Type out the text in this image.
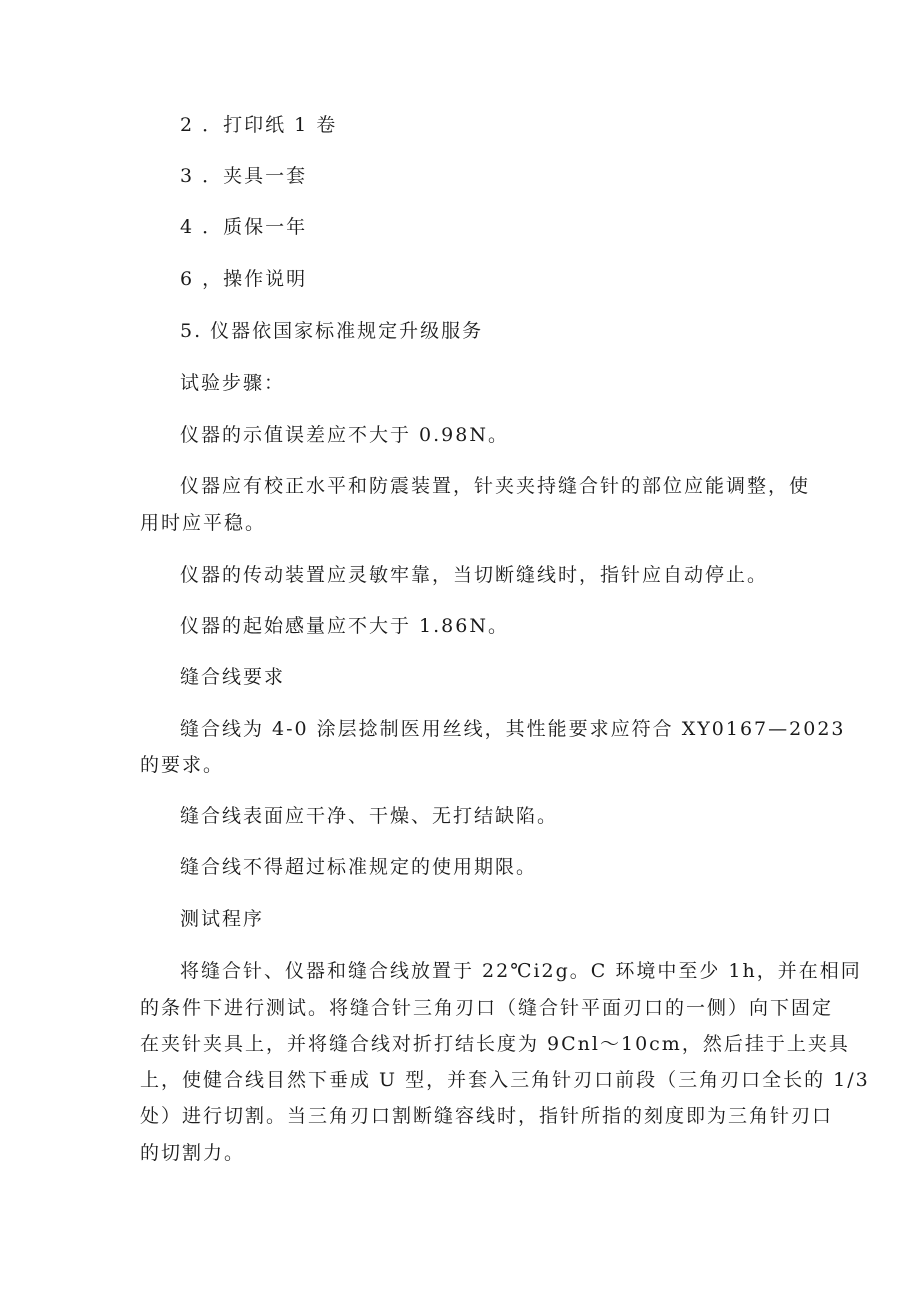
2 ．打印纸 1 卷

3 ．夹具一套

4 ．质保一年

6 ，操作说明

5. 仪器依国家标准规定升级服务

试验步骤：

仪器的示值误差应不大于 0.98N。

仪器应有校正水平和防震装置，针夹夹持缝合针的部位应能调整，使

用时应平稳。

仪器的传动装置应灵敏牢靠，当切断缝线时，指针应自动停止。

仪器的起始感量应不大于 1.86N。

缝合线要求

缝合线为 4-0 涂层捻制医用丝线，其性能要求应符合 XY0167—2023

的要求。

缝合线表面应干净、干燥、无打结缺陷。

缝合线不得超过标准规定的使用期限。

测试程序

将缝合针、仪器和缝合线放置于 22℃i2g。C 环境中至少 1h，并在相同

的条件下进行测试。将缝合针三角刃口（缝合针平面刃口的一侧）向下固定

在夹针夹具上，并将缝合线对折打结长度为 9Cnl～10cm，然后挂于上夹具

上，使健合线目然下垂成 U 型，并套入三角针刃口前段（三角刃口全长的 1/3

处）进行切割。当三角刃口割断缝容线时，指针所指的刻度即为三角针刃口

的切割力。
